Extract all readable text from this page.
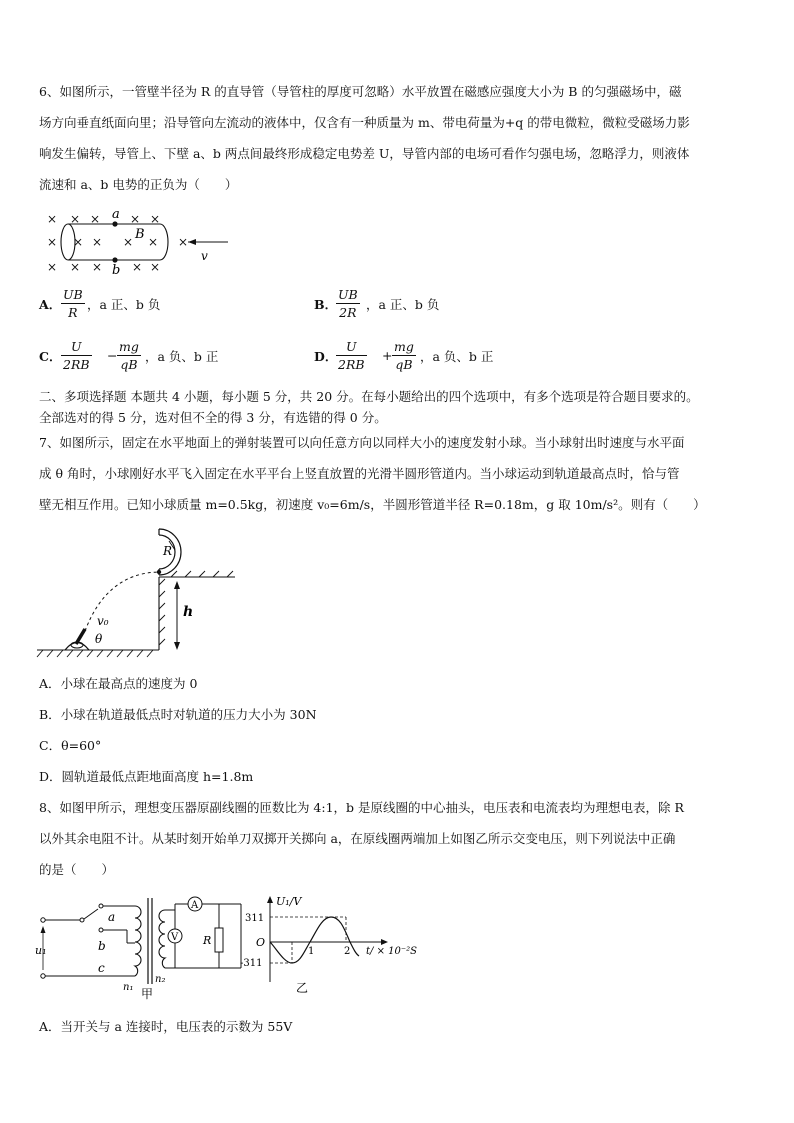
6、如图所示，一管壁半径为 R 的直导管（导管柱的厚度可忽略）水平放置在磁感应强度大小为 B 的匀强磁场中，磁
场方向垂直纸面向里；沿导管向左流动的液体中，仅含有一种质量为 m、带电荷量为+q 的带电微粒，微粒受磁场力影
响发生偏转，导管上、下壁 a、b 两点间最终形成稳定电势差 U，导管内部的电场可看作匀强电场，忽略浮力，则液体
流速和 a、b 电势的正负为（　　）
× × × × ×
× × × × × ×
× × × × ×
a
b
B
v
A． $\frac{UB}{R}$ ，a 正、b 负	B．
$\frac{UB}{2R}$ ，a 正、b 负
C． $\frac{U}{2RB} - \frac{mg}{qB}$ ，a 负、b 正	D．
$\frac{U}{2RB} + \frac{mg}{qB}$ ，a 负、b 正
二、多项选择题 本题共 4 小题，每小题 5 分，共 20 分。在每小题给出的四个选项中，有多个选项是符合题目要求的。
全部选对的得 5 分，选对但不全的得 3 分，有选错的得 0 分。
7、如图所示，固定在水平地面上的弹射装置可以向任意方向以同样大小的速度发射小球。当小球射出时速度与水平面
成 θ 角时，小球刚好水平飞入固定在水平平台上竖直放置的光滑半圆形管道内。当小球运动到轨道最高点时，恰与管
壁无相互作用。已知小球质量 m=0.5kg，初速度 v₀=6m/s，半圆形管道半径 R=0.18m，g 取 10m/s²。则有（　　）
R
v₀
θ
h
A．小球在最高点的速度为 0
B．小球在轨道最低点时对轨道的压力大小为 30N
C．θ=60°
D．圆轨道最低点距地面高度 h=1.8m
8、如图甲所示，理想变压器原副线圈的匝数比为 4:1，b 是原线圈的中心抽头，电压表和电流表均为理想电表，除 R
以外其余电阻不计。从某时刻开始单刀双掷开关掷向 a，在原线圈两端加上如图乙所示交变电压，则下列说法中正确
的是（　　）
u₁
a
b
c
A
V R
n₁
n₂
甲
U₁/V
311
O
-311
1	2 t/ × 10⁻²S
乙
A．当开关与 a 连接时，电压表的示数为 55V
